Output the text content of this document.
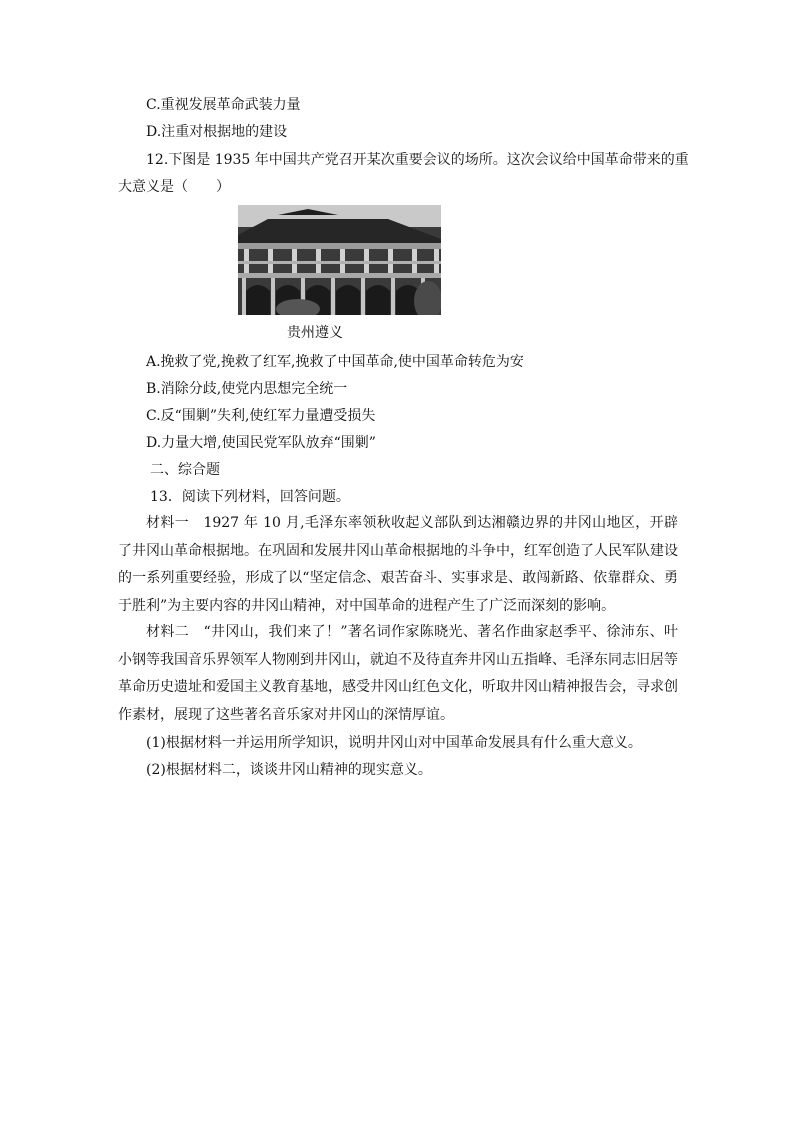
C.重视发展革命武装力量
D.注重对根据地的建设
12.下图是 1935 年中国共产党召开某次重要会议的场所。这次会议给中国革命带来的重
大意义是（　　）
贵州遵义
A.挽救了党,挽救了红军,挽救了中国革命,使中国革命转危为安
B.消除分歧,使党内思想完全统一
C.反“围剿”失利,使红军力量遭受损失
D.力量大增,使国民党军队放弃“围剿”
二、综合题
13．阅读下列材料，回答问题。
材料一　1927 年 10 月,毛泽东率领秋收起义部队到达湘赣边界的井冈山地区，开辟了井冈山革命根据地。在巩固和发展井冈山革命根据地的斗争中，红军创造了人民军队建设的一系列重要经验，形成了以“坚定信念、艰苦奋斗、实事求是、敢闯新路、依靠群众、勇于胜利”为主要内容的井冈山精神，对中国革命的进程产生了广泛而深刻的影响。
材料二　“井冈山，我们来了！”著名词作家陈晓光、著名作曲家赵季平、徐沛东、叶小钢等我国音乐界领军人物刚到井冈山，就迫不及待直奔井冈山五指峰、毛泽东同志旧居等革命历史遗址和爱国主义教育基地，感受井冈山红色文化，听取井冈山精神报告会，寻求创作素材，展现了这些著名音乐家对井冈山的深情厚谊。
(1)根据材料一并运用所学知识，说明井冈山对中国革命发展具有什么重大意义。
(2)根据材料二，谈谈井冈山精神的现实意义。
